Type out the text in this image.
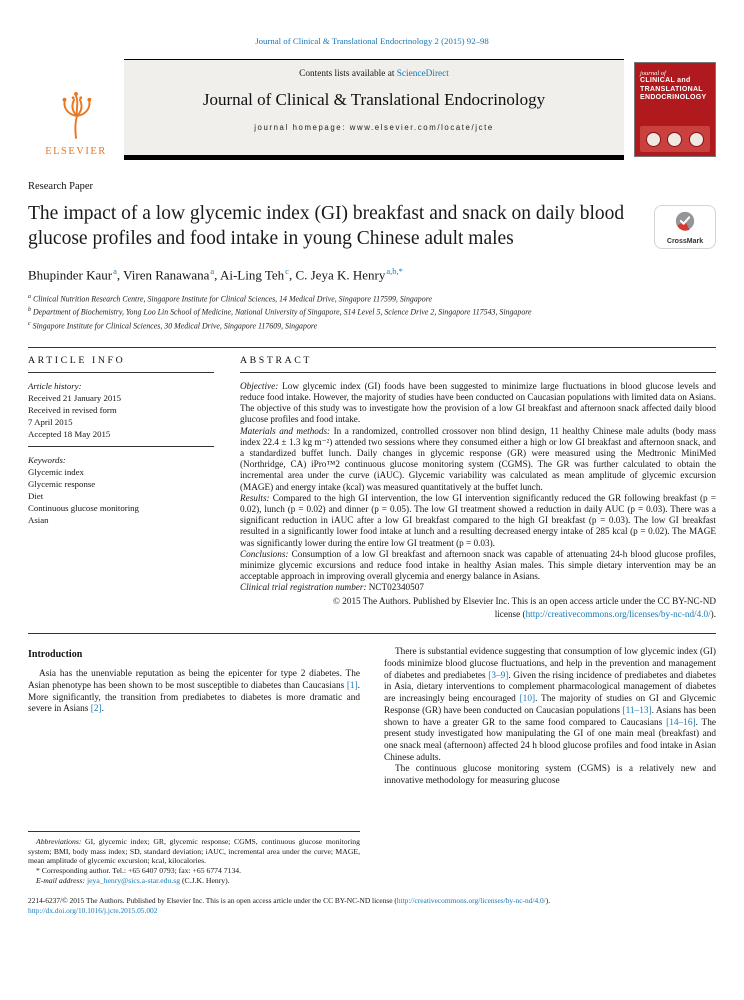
Journal of Clinical & Translational Endocrinology 2 (2015) 92–98
ELSEVIER
Contents lists available at ScienceDirect
Journal of Clinical & Translational Endocrinology
journal homepage: www.elsevier.com/locate/jcte
journal of
CLINICAL and
TRANSLATIONAL
ENDOCRINOLOGY
Research Paper
The impact of a low glycemic index (GI) breakfast and snack on daily blood glucose profiles and food intake in young Chinese adult males	CrossMark
Bhupinder Kaur$^a$, Viren Ranawana$^a$, Ai-Ling Teh$^c$, C. Jeya K. Henry$^{a,b,*}$
$^a$ Clinical Nutrition Research Centre, Singapore Institute for Clinical Sciences, 14 Medical Drive, Singapore 117599, Singapore
$^b$ Department of Biochemistry, Yong Loo Lin School of Medicine, National University of Singapore, S14 Level 5, Science Drive 2, Singapore 117543, Singapore
$^c$ Singapore Institute for Clinical Sciences, 30 Medical Drive, Singapore 117609, Singapore
ARTICLE INFO
Article history:
Received 21 January 2015
Received in revised form
7 April 2015
Accepted 18 May 2015
Keywords:
Glycemic index
Glycemic response
Diet
Continuous glucose monitoring
Asian
ABSTRACT
Objective: Low glycemic index (GI) foods have been suggested to minimize large fluctuations in blood glucose levels and reduce food intake. However, the majority of studies have been conducted on Caucasian populations with limited data on Asians. The objective of this study was to investigate how the provision of a low GI breakfast and afternoon snack affected daily blood glucose profiles and food intake.
Materials and methods: In a randomized, controlled crossover non blind design, 11 healthy Chinese male adults (body mass index 22.4 ± 1.3 kg m⁻²) attended two sessions where they consumed either a high or low GI breakfast and afternoon snack, and a standardized buffet lunch. Daily changes in glycemic response (GR) were measured using the Medtronic MiniMed (Northridge, CA) iPro™2 continuous glucose monitoring system (CGMS). The GR was further calculated to obtain the incremental area under the curve (iAUC). Glycemic variability was calculated as mean amplitude of glycemic excursion (MAGE) and energy intake (kcal) was measured quantitatively at the buffet lunch.
Results: Compared to the high GI intervention, the low GI intervention significantly reduced the GR following breakfast (p = 0.02), lunch (p = 0.02) and dinner (p = 0.05). The low GI treatment showed a reduction in daily AUC (p = 0.03). There was a significant reduction in iAUC after a low GI breakfast compared to the high GI breakfast (p = 0.03). The low GI breakfast resulted in a significantly lower food intake at lunch and a resulting decreased energy intake of 285 kcal (p = 0.02). The MAGE was significantly lower during the entire low GI treatment (p = 0.03).
Conclusions: Consumption of a low GI breakfast and afternoon snack was capable of attenuating 24-h blood glucose profiles, minimize glycemic excursions and reduce food intake in healthy Asian males. This simple dietary intervention may be an acceptable approach in improving overall glycemia and energy balance in Asians.
Clinical trial registration number: NCT02340507
© 2015 The Authors. Published by Elsevier Inc. This is an open access article under the CC BY-NC-ND
license (http://creativecommons.org/licenses/by-nc-nd/4.0/).
Introduction

Asia has the unenviable reputation as being the epicenter for type 2 diabetes. The Asian phenotype has been shown to be most susceptible to diabetes than Caucasians [1]. More significantly, the transition from prediabetes to diabetes is more dramatic and severe in Asians [2].

Abbreviations: GI, glycemic index; GR, glycemic response; CGMS, continuous glucose monitoring system; BMI, body mass index; SD, standard deviation; iAUC, incremental area under the curve; MAGE, mean amplitude of glycemic excursion; kcal, kilocalories.
* Corresponding author. Tel.: +65 6407 0793; fax: +65 6774 7134.
E-mail address: jeya_henry@sics.a-star.edu.sg (C.J.K. Henry).

There is substantial evidence suggesting that consumption of low glycemic index (GI) foods minimize blood glucose fluctuations, and help in the prevention and management of diabetes and prediabetes [3–9]. Given the rising incidence of prediabetes and diabetes in Asia, dietary interventions to complement pharmacological management of diabetes are increasingly being encouraged [10]. The majority of studies on GI and Glycemic Response (GR) have been conducted on Caucasian populations [11–13]. Asians has been shown to have a greater GR to the same food compared to Caucasians [14–16]. The present study investigated how manipulating the GI of one main meal (breakfast) and one snack meal (afternoon) affected 24 h blood glucose profiles and food intake in Asian Chinese adults.

The continuous glucose monitoring system (CGMS) is a relatively new and innovative methodology for measuring glucose

2214-6237/© 2015 The Authors. Published by Elsevier Inc. This is an open access article under the CC BY-NC-ND license (http://creativecommons.org/licenses/by-nc-nd/4.0/).
http://dx.doi.org/10.1016/j.jcte.2015.05.002
